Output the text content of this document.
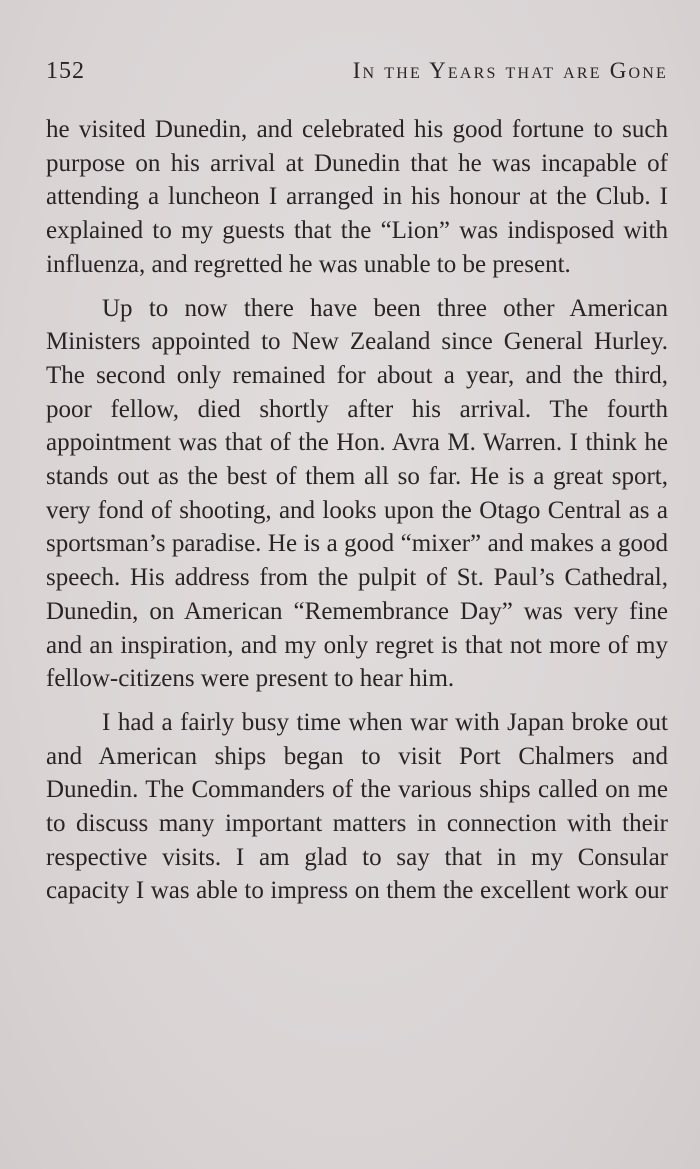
152	In the Years that are Gone

he visited Dunedin, and celebrated his good fortune to such purpose on his arrival at Dunedin that he was incapable of attending a luncheon I arranged in his honour at the Club. I explained to my guests that the “Lion” was indisposed with influenza, and regretted he was unable to be present.

Up to now there have been three other American Ministers appointed to New Zealand since General Hurley. The second only remained for about a year, and the third, poor fellow, died shortly after his arrival. The fourth appointment was that of the Hon. Avra M. Warren. I think he stands out as the best of them all so far. He is a great sport, very fond of shooting, and looks upon the Otago Central as a sportsman’s paradise. He is a good “mixer” and makes a good speech. His address from the pulpit of St. Paul’s Cathedral, Dunedin, on American “Remembrance Day” was very fine and an inspiration, and my only regret is that not more of my fellow-citizens were present to hear him.

I had a fairly busy time when war with Japan broke out and American ships began to visit Port Chalmers and Dunedin. The Commanders of the various ships called on me to discuss many important matters in connection with their respective visits. I am glad to say that in my Consular capacity I was able to impress on them the excellent work our
